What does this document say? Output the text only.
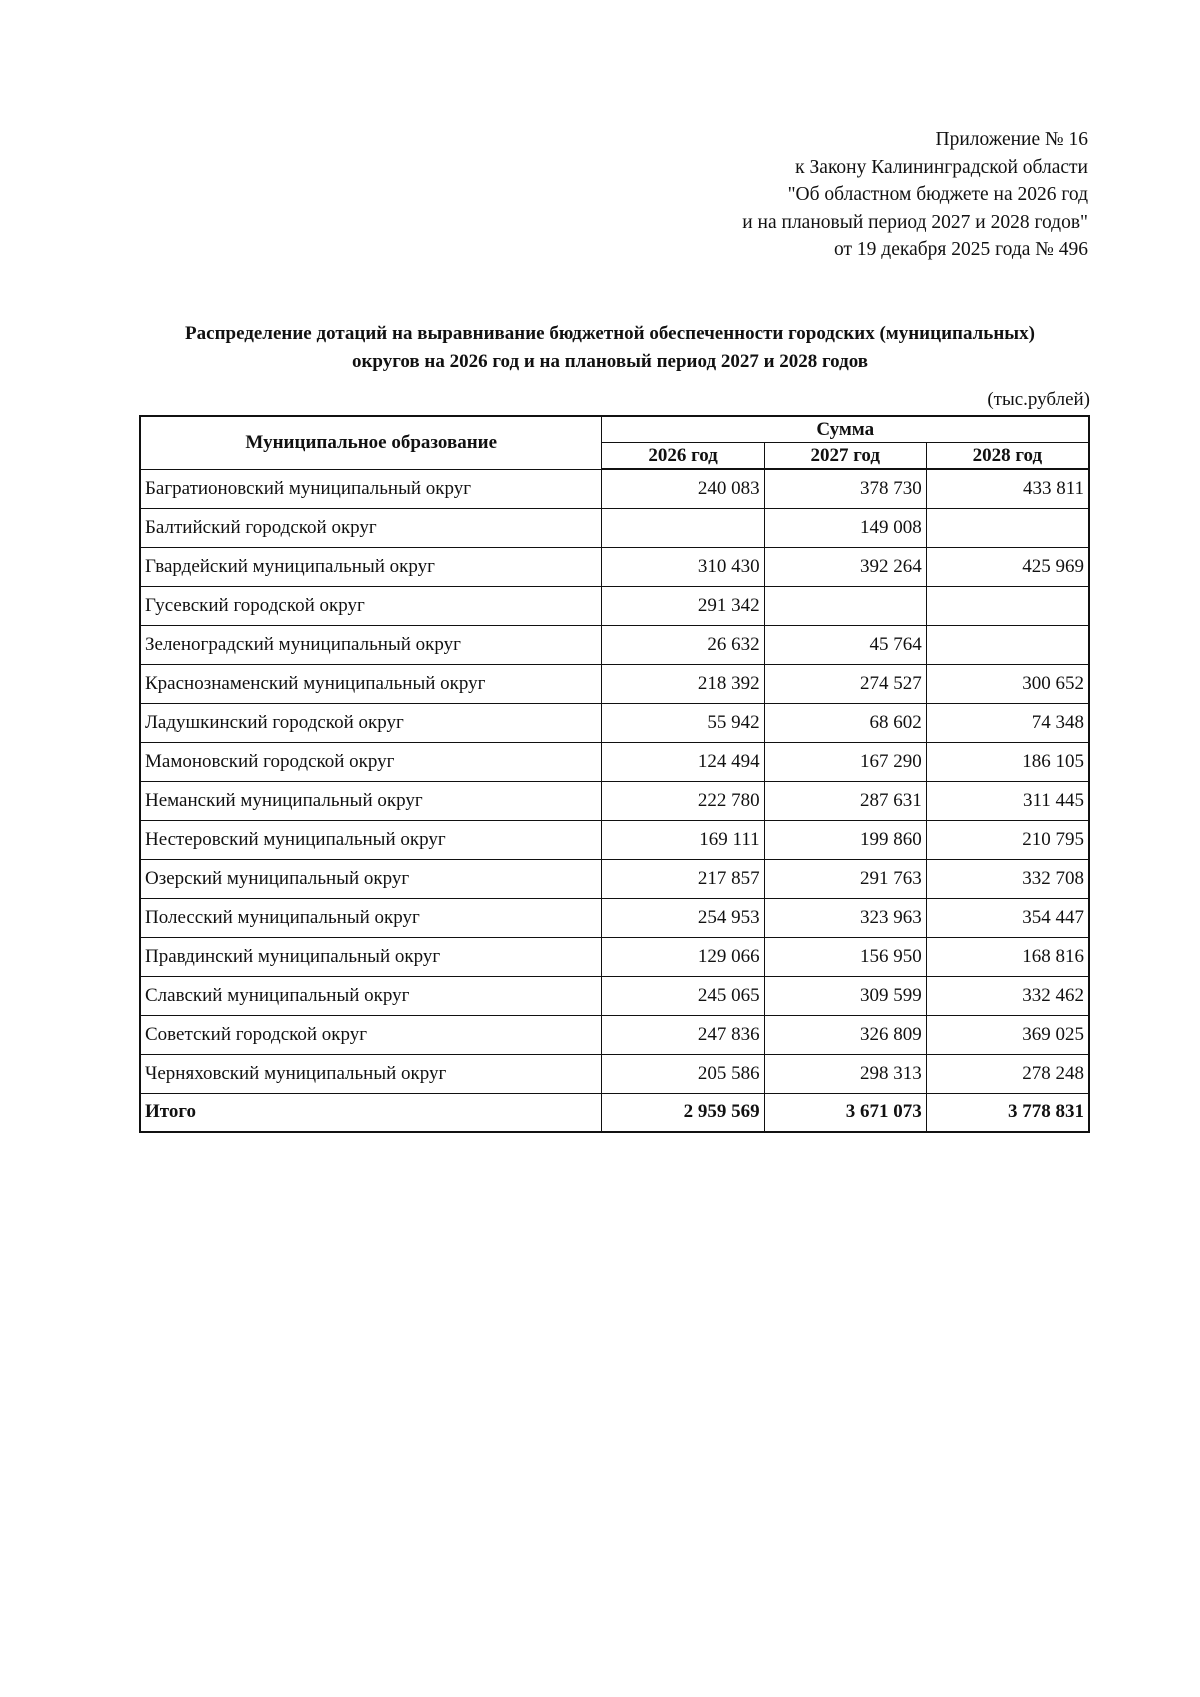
Приложение № 16
к Закону Калининградской области
"Об областном бюджете на 2026 год
и на плановый период 2027 и 2028 годов"
от 19 декабря 2025 года № 496
Распределение дотаций на выравнивание бюджетной обеспеченности городских (муниципальных)
округов на 2026 год и на плановый период 2027 и 2028 годов
(тыс.рублей)
Муниципальное образование	Сумма		
	2026 год	2027 год	2028 год
Багратионовский муниципальный округ	240 083	378 730	433 811
Балтийский городской округ		149 008	
Гвардейский муниципальный округ	310 430	392 264	425 969
Гусевский городской округ	291 342		
Зеленоградский муниципальный округ	26 632	45 764	
Краснознаменский муниципальный округ	218 392	274 527	300 652
Ладушкинский городской округ	55 942	68 602	74 348
Мамоновский городской округ	124 494	167 290	186 105
Неманский муниципальный округ	222 780	287 631	311 445
Нестеровский муниципальный округ	169 111	199 860	210 795
Озерский муниципальный округ	217 857	291 763	332 708
Полесский муниципальный округ	254 953	323 963	354 447
Правдинский муниципальный округ	129 066	156 950	168 816
Славский муниципальный округ	245 065	309 599	332 462
Советский городской округ	247 836	326 809	369 025
Черняховский муниципальный округ	205 586	298 313	278 248
Итого	2 959 569	3 671 073	3 778 831
